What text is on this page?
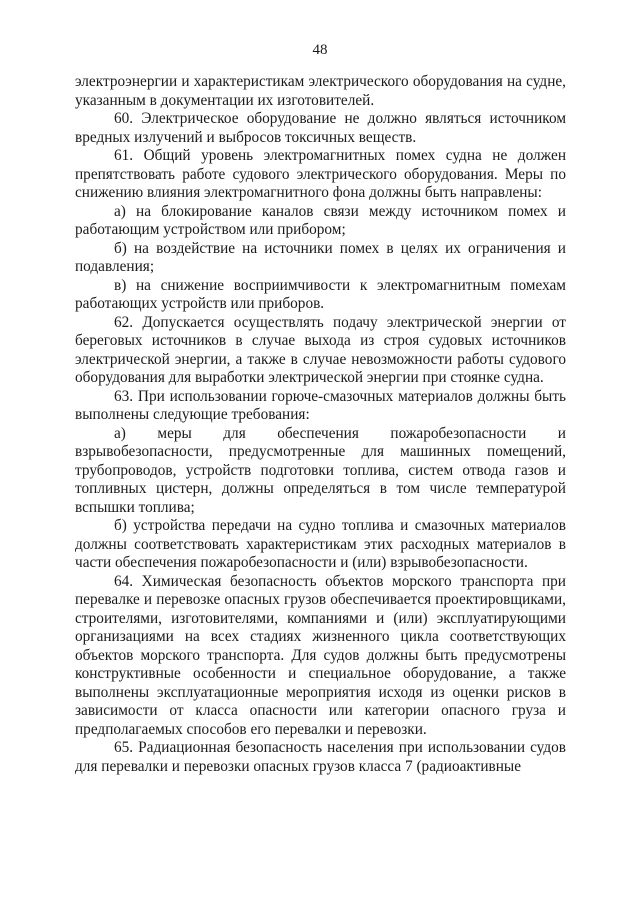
48

электроэнергии и характеристикам электрического оборудования на судне, указанным в документации их изготовителей.

60. Электрическое оборудование не должно являться источником вредных излучений и выбросов токсичных веществ.

61. Общий уровень электромагнитных помех судна не должен препятствовать работе судового электрического оборудования. Меры по снижению влияния электромагнитного фона должны быть направлены:

а) на блокирование каналов связи между источником помех и работающим устройством или прибором;

б) на воздействие на источники помех в целях их ограничения и подавления;

в) на снижение восприимчивости к электромагнитным помехам работающих устройств или приборов.

62. Допускается осуществлять подачу электрической энергии от береговых источников в случае выхода из строя судовых источников электрической энергии, а также в случае невозможности работы судового оборудования для выработки электрической энергии при стоянке судна.

63. При использовании горюче-смазочных материалов должны быть выполнены следующие требования:

а) меры для обеспечения пожаробезопасности и взрывобезопасности, предусмотренные для машинных помещений, трубопроводов, устройств подготовки топлива, систем отвода газов и топливных цистерн, должны определяться в том числе температурой вспышки топлива;

б) устройства передачи на судно топлива и смазочных материалов должны соответствовать характеристикам этих расходных материалов в части обеспечения пожаробезопасности и (или) взрывобезопасности.

64. Химическая безопасность объектов морского транспорта при перевалке и перевозке опасных грузов обеспечивается проектировщиками, строителями, изготовителями, компаниями и (или) эксплуатирующими организациями на всех стадиях жизненного цикла соответствующих объектов морского транспорта. Для судов должны быть предусмотрены конструктивные особенности и специальное оборудование, а также выполнены эксплуатационные мероприятия исходя из оценки рисков в зависимости от класса опасности или категории опасного груза и предполагаемых способов его перевалки и перевозки.

65. Радиационная безопасность населения при использовании судов для перевалки и перевозки опасных грузов класса 7 (радиоактивные
